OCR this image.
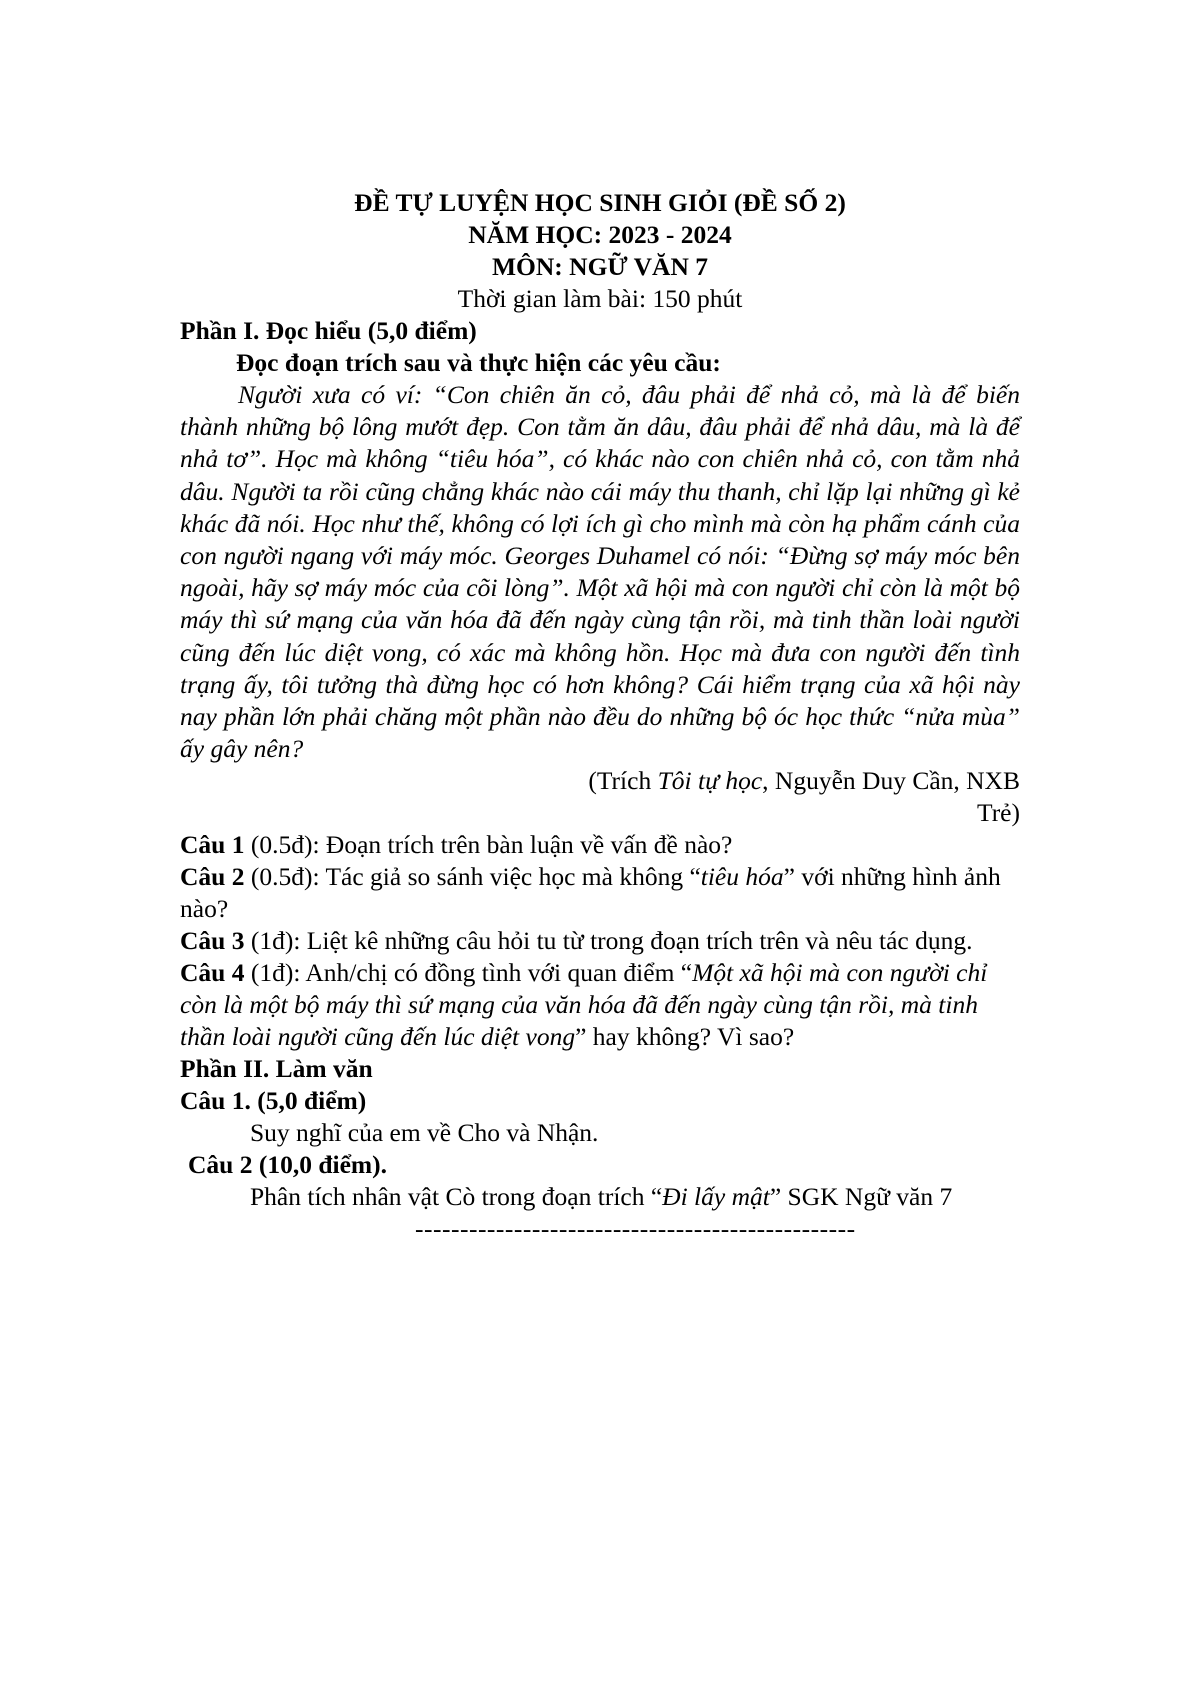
ĐỀ TỰ LUYỆN HỌC SINH GIỎI (ĐỀ SỐ 2)
NĂM HỌC: 2023 - 2024
MÔN: NGỮ VĂN 7
Thời gian làm bài: 150 phút
Phần I. Đọc hiểu (5,0 điểm)
Đọc đoạn trích sau và thực hiện các yêu cầu:
Người xưa có ví: “Con chiên ăn cỏ, đâu phải để nhả cỏ, mà là để biến thành những bộ lông mướt đẹp. Con tằm ăn dâu, đâu phải để nhả dâu, mà là để nhả tơ”. Học mà không “tiêu hóa”, có khác nào con chiên nhả cỏ, con tằm nhả dâu. Người ta rồi cũng chẳng khác nào cái máy thu thanh, chỉ lặp lại những gì kẻ khác đã nói. Học như thế, không có lợi ích gì cho mình mà còn hạ phẩm cánh của con người ngang với máy móc. Georges Duhamel có nói: “Đừng sợ máy móc bên ngoài, hãy sợ máy móc của cõi lòng”. Một xã hội mà con người chỉ còn là một bộ máy thì sứ mạng của văn hóa đã đến ngày cùng tận rồi, mà tinh thần loài người cũng đến lúc diệt vong, có xác mà không hồn. Học mà đưa con người đến tình trạng ấy, tôi tưởng thà đừng học có hơn không? Cái hiểm trạng của xã hội này nay phần lớn phải chăng một phần nào đều do những bộ óc học thức “nửa mùa” ấy gây nên?
(Trích Tôi tự học, Nguyễn Duy Cần, NXB
Trẻ)
Câu 1 (0.5đ): Đoạn trích trên bàn luận về vấn đề nào?
Câu 2 (0.5đ): Tác giả so sánh việc học mà không “tiêu hóa” với những hình ảnh nào?
Câu 3 (1đ): Liệt kê những câu hỏi tu từ trong đoạn trích trên và nêu tác dụng.
Câu 4 (1đ): Anh/chị có đồng tình với quan điểm “Một xã hội mà con người chỉ còn là một bộ máy thì sứ mạng của văn hóa đã đến ngày cùng tận rồi, mà tinh thần loài người cũng đến lúc diệt vong” hay không? Vì sao?
Phần II. Làm văn
Câu 1. (5,0 điểm)
Suy nghĩ của em về Cho và Nhận.
Câu 2 (10,0 điểm).
Phân tích nhân vật Cò trong đoạn trích “Đi lấy mật” SGK Ngữ văn 7
-------------------------------------------------
